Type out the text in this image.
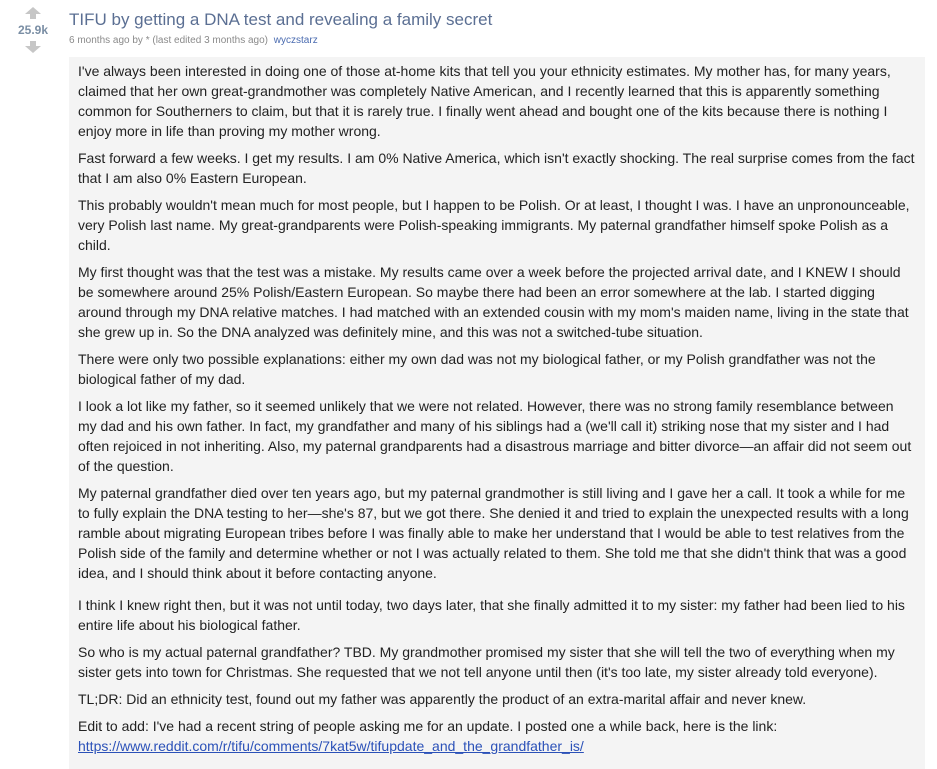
25.9k
TIFU by getting a DNA test and revealing a family secret
6 months ago by * (last edited 3 months ago) wyczstarz

I've always been interested in doing one of those at-home kits that tell you your ethnicity estimates. My mother has, for many years, claimed that her own great-grandmother was completely Native American, and I recently learned that this is apparently something common for Southerners to claim, but that it is rarely true. I finally went ahead and bought one of the kits because there is nothing I enjoy more in life than proving my mother wrong.

Fast forward a few weeks. I get my results. I am 0% Native America, which isn't exactly shocking. The real surprise comes from the fact that I am also 0% Eastern European.

This probably wouldn't mean much for most people, but I happen to be Polish. Or at least, I thought I was. I have an unpronounceable, very Polish last name. My great-grandparents were Polish-speaking immigrants. My paternal grandfather himself spoke Polish as a child.

My first thought was that the test was a mistake. My results came over a week before the projected arrival date, and I KNEW I should be somewhere around 25% Polish/Eastern European. So maybe there had been an error somewhere at the lab. I started digging around through my DNA relative matches. I had matched with an extended cousin with my mom's maiden name, living in the state that she grew up in. So the DNA analyzed was definitely mine, and this was not a switched-tube situation.

There were only two possible explanations: either my own dad was not my biological father, or my Polish grandfather was not the biological father of my dad.

I look a lot like my father, so it seemed unlikely that we were not related. However, there was no strong family resemblance between my dad and his own father. In fact, my grandfather and many of his siblings had a (we'll call it) striking nose that my sister and I had often rejoiced in not inheriting. Also, my paternal grandparents had a disastrous marriage and bitter divorce—an affair did not seem out of the question.

My paternal grandfather died over ten years ago, but my paternal grandmother is still living and I gave her a call. It took a while for me to fully explain the DNA testing to her—she's 87, but we got there. She denied it and tried to explain the unexpected results with a long ramble about migrating European tribes before I was finally able to make her understand that I would be able to test relatives from the Polish side of the family and determine whether or not I was actually related to them. She told me that she didn't think that was a good idea, and I should think about it before contacting anyone.

I think I knew right then, but it was not until today, two days later, that she finally admitted it to my sister: my father had been lied to his entire life about his biological father.

So who is my actual paternal grandfather? TBD. My grandmother promised my sister that she will tell the two of everything when my sister gets into town for Christmas. She requested that we not tell anyone until then (it's too late, my sister already told everyone).

TL;DR: Did an ethnicity test, found out my father was apparently the product of an extra-marital affair and never knew.

Edit to add: I've had a recent string of people asking me for an update. I posted one a while back, here is the link:
https://www.reddit.com/r/tifu/comments/7kat5w/tifupdate_and_the_grandfather_is/
